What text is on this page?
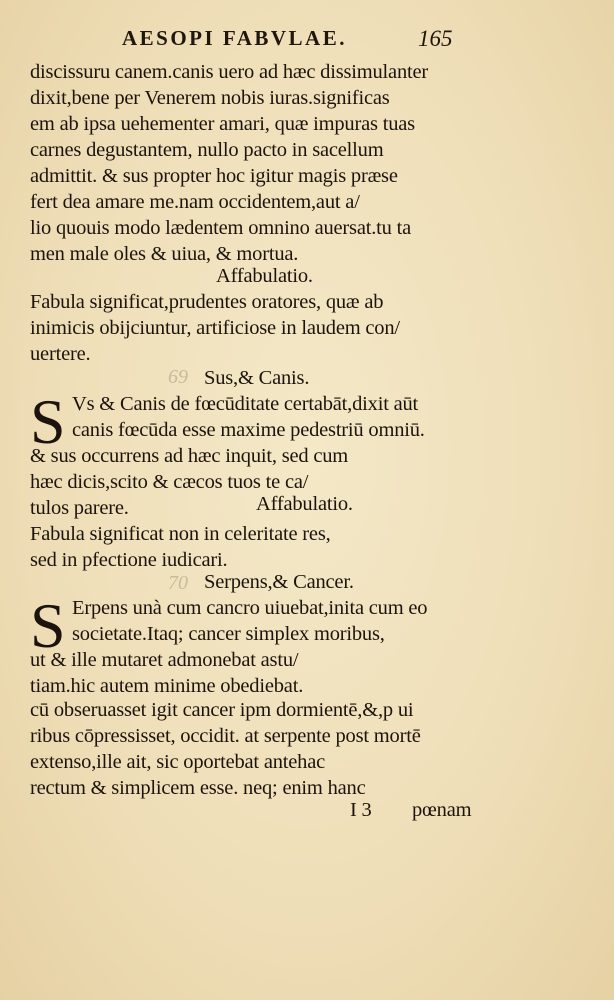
AESOPI FABVLAE.	165
discissuru canem.canis uero ad hæc dissimulanter
dixit,bene per Venerem nobis iuras.significas
em ab ipsa uehementer amari, quæ impuras tuas
carnes degustantem, nullo pacto in sacellum
admittit. & sus propter hoc igitur magis præse
fert dea amare me.nam occidentem,aut a/
lio quouis modo lædentem omnino auersat.tu ta
men male oles & uiua, & mortua.
Affabulatio.
Fabula significat,prudentes oratores, quæ ab
inimicis obijciuntur, artificiose in laudem con/
uertere.
69 Sus,& Canis.
S Vs & Canis de fœcūditate certabāt,dixit aūt
canis fœcūda esse maxime pedestriū omniū.
& sus occurrens ad hæc inquit, sed cum
hæc dicis,scito & cæcos tuos te ca/
tulos parere.	Affabulatio.
Fabula significat non in celeritate res,
sed in pfectione iudicari.
70 Serpens,& Cancer.
S Erpens unà cum cancro uiuebat,inita cum eo
societate.Itaq; cancer simplex moribus,
ut & ille mutaret admonebat astu/
tiam.hic autem minime obediebat.
cū obseruasset igit cancer ipm dormientē,&,p ui
ribus cōpressisset, occidit. at serpente post mortē
extenso,ille ait, sic oportebat antehac
rectum & simplicem esse. neq; enim hanc
I 3 pœnam
